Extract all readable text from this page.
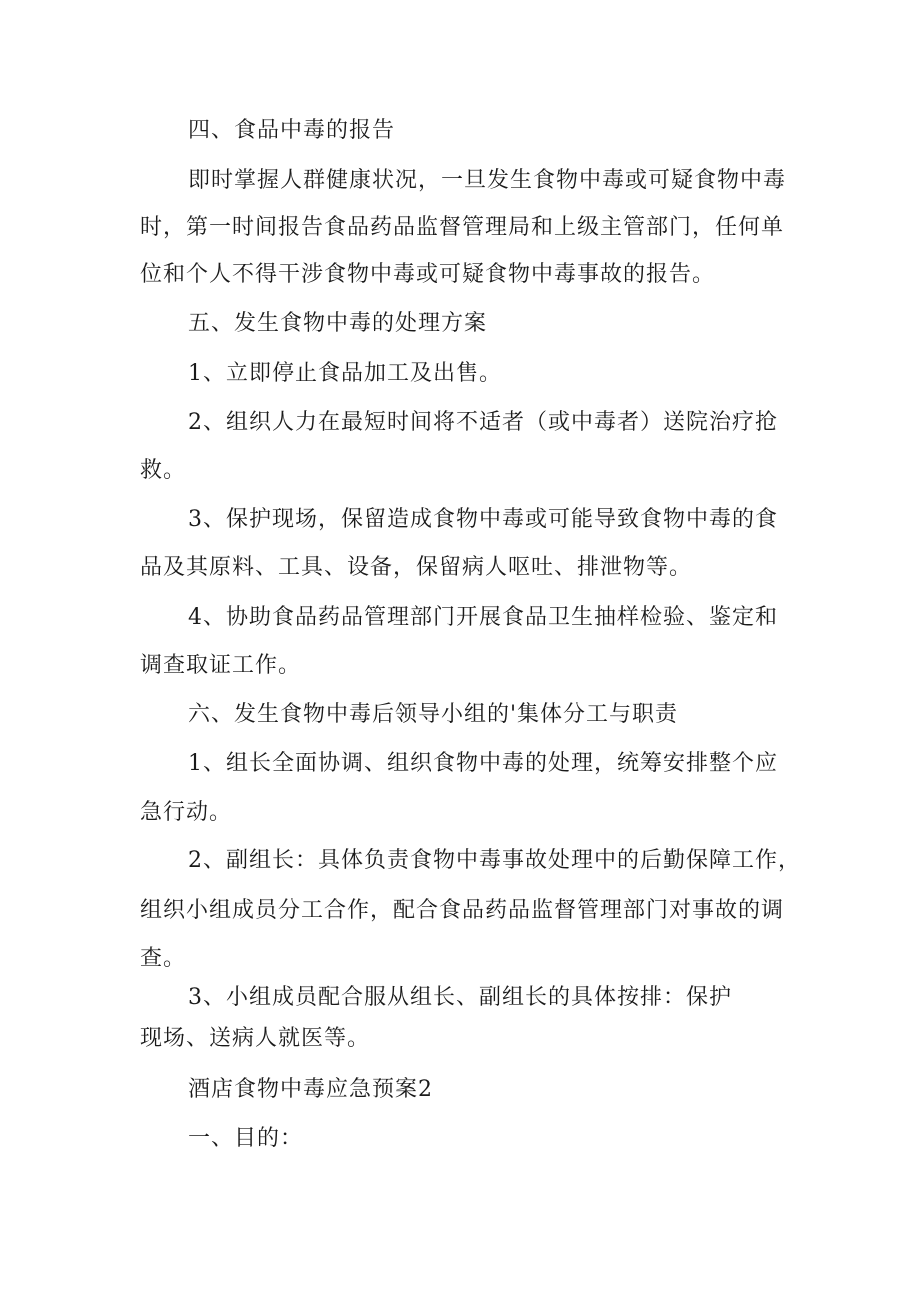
四、食品中毒的报告
即时掌握人群健康状况，一旦发生食物中毒或可疑食物中毒
时，第一时间报告食品药品监督管理局和上级主管部门，任何单
位和个人不得干涉食物中毒或可疑食物中毒事故的报告。
五、发生食物中毒的处理方案
1、立即停止食品加工及出售。
2、组织人力在最短时间将不适者（或中毒者）送院治疗抢
救。
3、保护现场，保留造成食物中毒或可能导致食物中毒的食
品及其原料、工具、设备，保留病人呕吐、排泄物等。
4、协助食品药品管理部门开展食品卫生抽样检验、鉴定和
调查取证工作。
六、发生食物中毒后领导小组的'集体分工与职责
1、组长全面协调、组织食物中毒的处理，统筹安排整个应
急行动。
2、副组长：具体负责食物中毒事故处理中的后勤保障工作，
组织小组成员分工合作，配合食品药品监督管理部门对事故的调
查。
3、小组成员配合服从组长、副组长的具体按排：保护
现场、送病人就医等。
酒店食物中毒应急预案2
一、目的：
